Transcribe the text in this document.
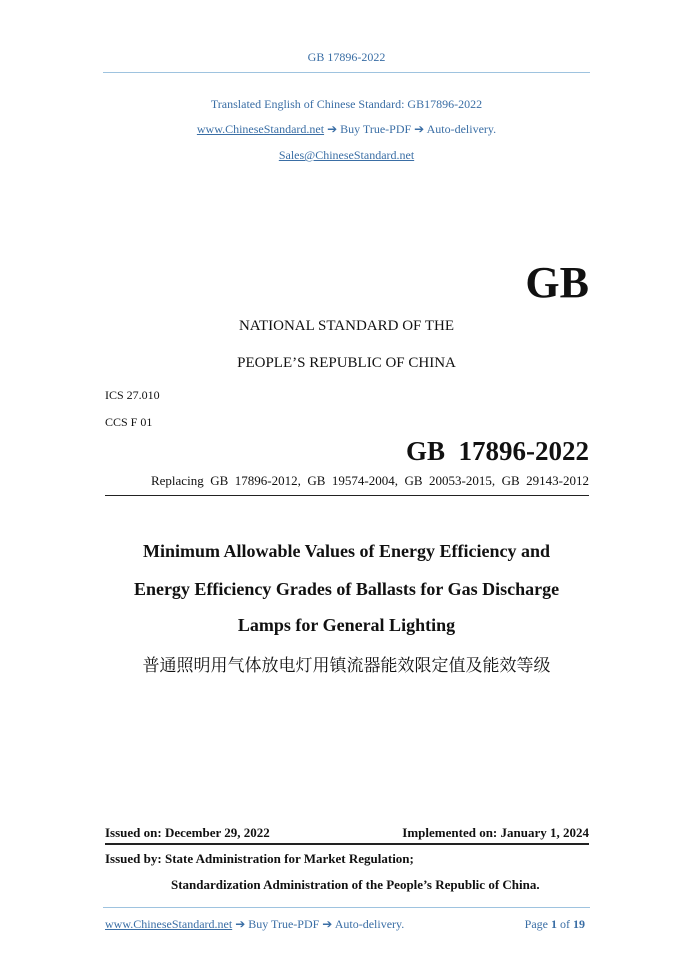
GB 17896-2022
Translated English of Chinese Standard: GB17896-2022
www.ChineseStandard.net ➔ Buy True-PDF ➔ Auto-delivery.
Sales@ChineseStandard.net
GB
NATIONAL STANDARD OF THE
PEOPLE’S REPUBLIC OF CHINA
ICS 27.010
CCS F 01
GB  17896-2022
Replacing  GB  17896-2012,  GB  19574-2004,  GB  20053-2015,  GB  29143-2012
Minimum Allowable Values of Energy Efficiency and
Energy Efficiency Grades of Ballasts for Gas Discharge
Lamps for General Lighting
普通照明用气体放电灯用镇流器能效限定值及能效等级
Issued on: December 29, 2022	Implemented on: January 1, 2024
Issued by: State Administration for Market Regulation;
Standardization Administration of the People’s Republic of China.
www.ChineseStandard.net ➔ Buy True-PDF ➔ Auto-delivery.	Page 1 of 19
